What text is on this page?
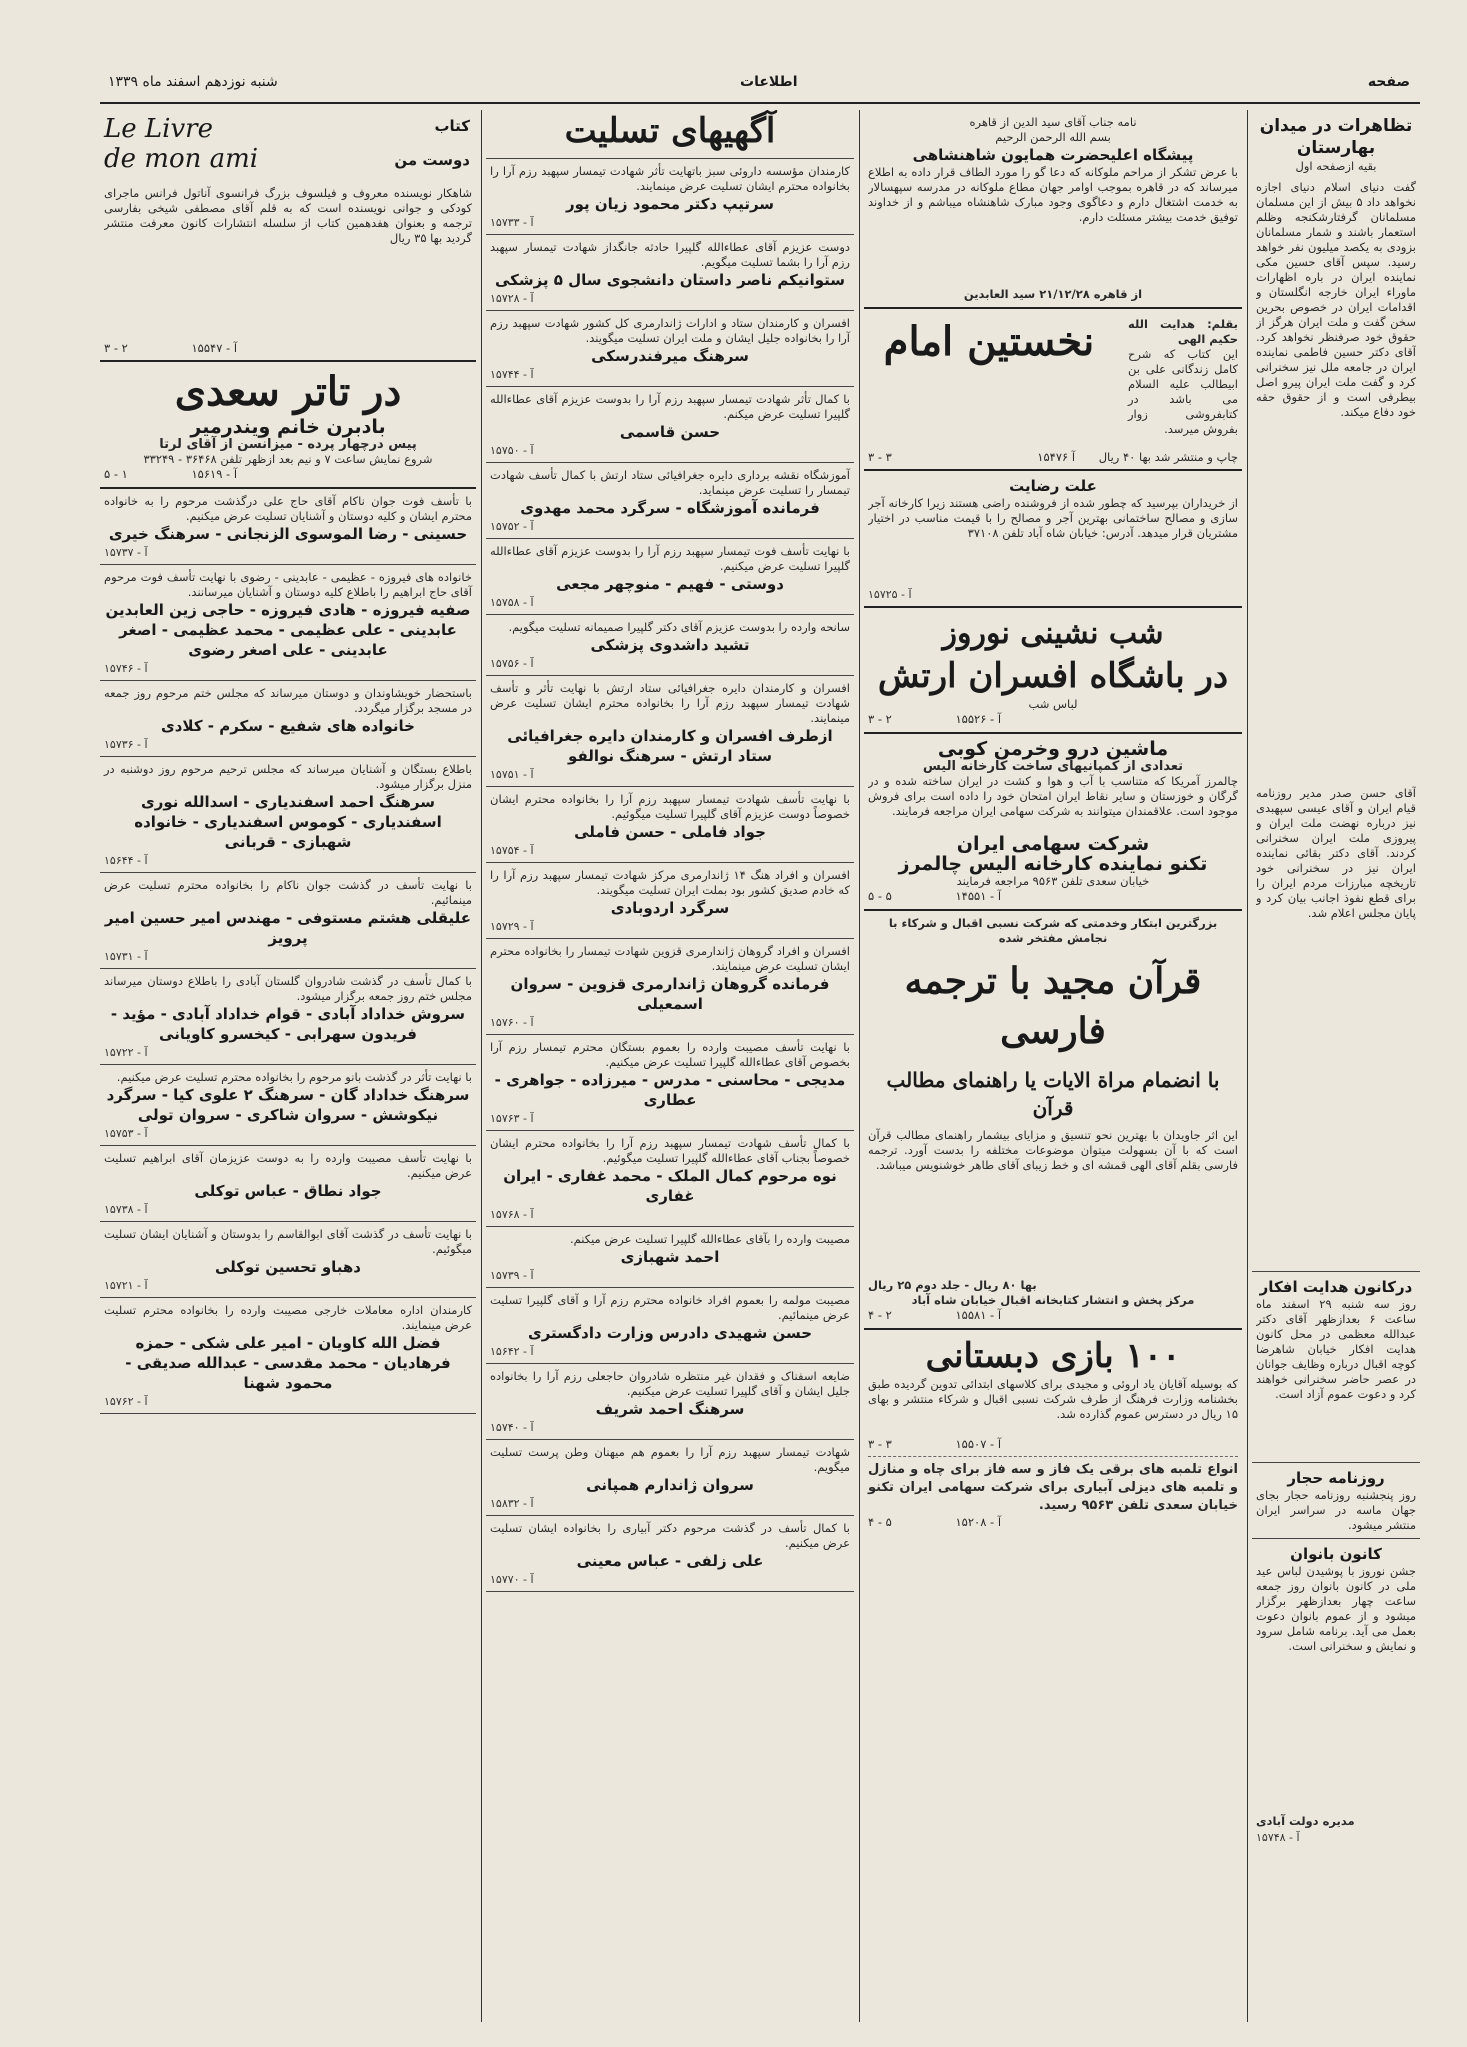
شنبه نوزدهم اسفند ماه ۱۳۳۹	اطلاعات	صفحه
تظاهرات در میدان بهارستان
بقیه ازصفحه اول
گفت دنیای اسلام دنیای اجازه نخواهد داد ۵ بیش از این مسلمان مسلمانان گرفتارشکنجه وظلم استعمار باشند و شمار مسلمانان بزودی به یکصد میلیون نفر خواهد رسید. سپس آقای حسین مکی نماینده ایران در باره اظهارات ماوراء ایران خارجه انگلستان و اقدامات ایران در خصوص بحرین سخن گفت و ملت ایران هرگز از حقوق خود صرفنظر نخواهد کرد. آقای دکتر حسین فاطمی نماینده ایران در جامعه ملل نیز سخنرانی کرد و گفت ملت ایران پیرو اصل بیطرفی است و از حقوق حقه خود دفاع میکند.
آقای حسن صدر مدیر روزنامه قیام ایران و آقای عیسی سپهبدی نیز درباره نهضت ملت ایران و پیروزی ملت ایران سخنرانی کردند. آقای دکتر بقائی نماینده ایران نیز در سخنرانی خود تاریخچه مبارزات مردم ایران را برای قطع نفوذ اجانب بیان کرد و پایان مجلس اعلام شد.
درکانون هدایت افکار
روز سه شنبه ۲۹ اسفند ماه ساعت ۶ بعدازظهر آقای دکتر عبدالله معظمی در محل کانون هدایت افکار خیابان شاهرضا کوچه اقبال درباره وظایف جوانان در عصر حاضر سخنرانی خواهند کرد و دعوت عموم آزاد است.
روزنامه حجار
روز پنجشنبه روزنامه حجار بجای جهان ماسه در سراسر ایران منتشر میشود.
کانون بانوان
جشن نوروز با پوشیدن لباس عید ملی در کانون بانوان روز جمعه ساعت چهار بعدازظهر برگزار میشود و از عموم بانوان دعوت بعمل می آید. برنامه شامل سرود و نمایش و سخنرانی است.
مدیره دولت آبادی
آ - ۱۵۷۴۸
نامه جناب آقای سید الدین از قاهره
بسم الله الرحمن الرحیم
پیشگاه اعلیحضرت همایون شاهنشاهی
با عرض تشکر از مراحم ملوکانه که دعا گو را مورد الطاف قرار داده به اطلاع میرساند که در قاهره بموجب اوامر جهان مطاع ملوکانه در مدرسه سپهسالار به خدمت اشتغال دارم و دعاگوی وجود مبارک شاهنشاه میباشم و از خداوند توفیق خدمت بیشتر مسئلت دارم.
از قاهره ۲۱/۱۲/۲۸ سید العابدین
نخستین امام	بقلم: هدایت الله حکیم الهی
این کتاب که شرح کامل زندگانی علی بن ابیطالب علیه السلام می باشد در کتابفروشی زوار بفروش میرسد.
چاپ و منتشر شد بها ۴۰ ریال آ ۱۵۴۷۶
۳ - ۳
علت رضایت
از خریداران بپرسید که چطور شده از فروشنده راضی هستند زیرا کارخانه آجر سازی و مصالح ساختمانی بهترین آجر و مصالح را با قیمت مناسب در اختیار مشتریان قرار میدهد. آدرس: خیابان شاه آباد تلفن ۳۷۱۰۸
آ - ۱۵۷۲۵
شب نشینی نوروز
در باشگاه افسران ارتش
لباس شب
۳ - ۲	آ - ۱۵۵۲۶
ماشین درو وخرمن کوبی
تعدادی از کمپانیهای ساخت کارخانه الیس
چالمرز آمریکا که متناسب با آب و هوا و کشت در ایران ساخته شده و در گرگان و خوزستان و سایر نقاط ایران امتحان خود را داده است برای فروش موجود است. علاقمندان میتوانند به شرکت سهامی ایران مراجعه فرمایند.
شرکت سهامی ایران
تکنو نماینده کارخانه الیس چالمرز
خیابان سعدی تلفن ۹۵۶۳ مراجعه فرمایند
۵ - ۵	آ - ۱۴۵۵۱
بزرگترین ابتکار وخدمتی که شرکت نسبی اقبال و شرکاء با نجامش مفتخر شده
قرآن مجید با ترجمه فارسی
با انضمام مراة الایات یا راهنمای مطالب قرآن
این اثر جاویدان با بهترین نحو تنسیق و مزایای بیشمار راهنمای مطالب قرآن است که با آن بسهولت میتوان موضوعات مختلفه را بدست آورد. ترجمه فارسی بقلم آقای الهی قمشه ای و خط زیبای آقای طاهر خوشنویس میباشد.
بها ۸۰ ریال - جلد دوم ۲۵ ریال
مرکز پخش و انتشار کتابخانه اقبال خیابان شاه آباد
۴ - ۲	آ - ۱۵۵۸۱
۱۰۰ بازی دبستانی
که بوسیله آقایان یاد اروئی و مجیدی برای کلاسهای ابتدائی تدوین گردیده طبق بخشنامه وزارت فرهنگ از طرف شرکت نسبی اقبال و شرکاء منتشر و بهای ۱۵ ریال در دسترس عموم گذارده شد.
۳ - ۳	آ - ۱۵۵۰۷
انواع تلمبه های برقی یک فاز و سه فاز برای چاه و منازل و تلمبه های دیزلی آبیاری برای شرکت سهامی ایران تکنو خیابان سعدی تلفن ۹۵۶۳ رسید.
۴ - ۵	آ - ۱۵۲۰۸
آگهیهای تسلیت
کارمندان مؤسسه داروئی سبز باتهایت تأثر شهادت تیمسار سپهبد رزم آرا را بخانواده محترم ایشان تسلیت عرض مینمایند.
سرتیپ دکتر محمود زیان پور
آ - ۱۵۷۳۳
دوست عزیزم آقای عطاءالله گلپیرا حادثه جانگداز شهادت تیمسار سپهبد رزم آرا را بشما تسلیت میگویم.
ستوانیکم ناصر داستان دانشجوی سال ۵ پزشکی
آ - ۱۵۷۲۸
افسران و کارمندان ستاد و ادارات ژاندارمری کل کشور شهادت سپهبد رزم آرا را بخانواده جلیل ایشان و ملت ایران تسلیت میگویند.
سرهنگ میرفندرسکی
آ - ۱۵۷۴۴
با کمال تأثر شهادت تیمسار سپهبد رزم آرا را بدوست عزیزم آقای عطاءالله گلپیرا تسلیت عرض میکنم.
حسن قاسمی
آ - ۱۵۷۵۰
آموزشگاه نقشه برداری دایره جغرافیائی ستاد ارتش با کمال تأسف شهادت تیمسار را تسلیت عرض مینماید.
فرمانده آموزشگاه - سرگرد محمد مهدوی
آ - ۱۵۷۵۲
با نهایت تأسف فوت تیمسار سپهبد رزم آرا را بدوست عزیزم آقای عطاءالله گلپیرا تسلیت عرض میکنیم.
دوستی - فهیم - منوچهر مجعی
آ - ۱۵۷۵۸
سانحه وارده را بدوست عزیزم آقای دکتر گلپیرا صمیمانه تسلیت میگویم.
تشید داشدوی پزشکی
آ - ۱۵۷۵۶
افسران و کارمندان دایره جغرافیائی ستاد ارتش با نهایت تأثر و تأسف شهادت تیمسار سپهبد رزم آرا را بخانواده محترم ایشان تسلیت عرض مینمایند.
ازطرف افسران و کارمندان دایره جغرافیائی ستاد ارتش - سرهنگ نوالفو
آ - ۱۵۷۵۱
با نهایت تأسف شهادت تیمسار سپهبد رزم آرا را بخانواده محترم ایشان خصوصاً دوست عزیزم آقای گلپیرا تسلیت میگوئیم.
جواد فاملی - حسن فاملی
آ - ۱۵۷۵۴
افسران و افراد هنگ ۱۴ ژاندارمری مرکز شهادت تیمسار سپهبد رزم آرا را که خادم صدیق کشور بود بملت ایران تسلیت میگویند.
سرگرد اردوبادی
آ - ۱۵۷۲۹
افسران و افراد گروهان ژاندارمری قزوین شهادت تیمسار را بخانواده محترم ایشان تسلیت عرض مینمایند.
فرمانده گروهان ژاندارمری قزوین - سروان اسمعیلی
آ - ۱۵۷۶۰
با نهایت تأسف مصیبت وارده را بعموم بستگان محترم تیمسار رزم آرا بخصوص آقای عطاءالله گلپیرا تسلیت عرض میکنیم.
مدیجی - محاسنی - مدرس - میرزاده - جواهری - عطاری
آ - ۱۵۷۶۳
با کمال تأسف شهادت تیمسار سپهبد رزم آرا را بخانواده محترم ایشان خصوصاً بجناب آقای عطاءالله گلپیرا تسلیت میگوئیم.
نوه مرحوم کمال الملک - محمد غفاری - ایران غفاری
آ - ۱۵۷۶۸
مصیبت وارده را بآقای عطاءالله گلپیرا تسلیت عرض میکنم.
احمد شهبازی
آ - ۱۵۷۳۹
مصیبت مولمه را بعموم افراد خانواده محترم رزم آرا و آقای گلپیرا تسلیت عرض مینمائیم.
حسن شهیدی دادرس وزارت دادگستری
آ - ۱۵۶۴۲
ضایعه اسفناک و فقدان غیر منتظره شادروان حاجعلی رزم آرا را بخانواده جلیل ایشان و آقای گلپیرا تسلیت عرض میکنیم.
سرهنگ احمد شریف
آ - ۱۵۷۴۰
شهادت تیمسار سپهبد رزم آرا را بعموم هم میهنان وطن پرست تسلیت میگویم.
سروان ژاندارم همپانی
آ - ۱۵۸۳۲
با کمال تأسف در گذشت مرحوم دکتر آبیاری را بخانواده ایشان تسلیت عرض میکنیم.
علی زلفی - عباس معینی
آ - ۱۵۷۷۰
Le Livre
de mon ami
کتاب
دوست من
شاهکار نویسنده معروف و فیلسوف بزرگ فرانسوی آناتول فرانس ماجرای کودکی و جوانی نویسنده است که به قلم آقای مصطفی شیخی بفارسی ترجمه و بعنوان هفدهمین کتاب از سلسله انتشارات کانون معرفت منتشر گردید بها ۳۵ ریال
۳ - ۲	آ - ۱۵۵۴۷
در تاتر سعدی
بادبرن خانم ویندرمیر
پیس درچهار پرده - میزانسن از آقای لرتا
شروع نمایش ساعت ۷ و نیم بعد ازظهر تلفن ۳۶۴۶۸ - ۳۳۲۴۹
۵ - ۱	آ - ۱۵۶۱۹
با تأسف فوت جوان ناکام آقای حاج علی درگذشت مرحوم را به خانواده محترم ایشان و کلیه دوستان و آشنایان تسلیت عرض میکنیم.
حسینی - رضا الموسوی الزنجانی - سرهنگ خیری
آ - ۱۵۷۳۷
خانواده های فیروزه - عظیمی - عابدینی - رضوی با نهایت تأسف فوت مرحوم آقای حاج ابراهیم را باطلاع کلیه دوستان و آشنایان میرسانند.
صفیه فیروزه - هادی فیروزه - حاجی زین العابدین عابدینی - علی عظیمی - محمد عظیمی - اصغر عابدینی - علی اصغر رضوی
آ - ۱۵۷۴۶
باستحضار خویشاوندان و دوستان میرساند که مجلس ختم مرحوم روز جمعه در مسجد برگزار میگردد.
خانواده های شفیع - سکرم - کلادی
آ - ۱۵۷۳۶
باطلاع بستگان و آشنایان میرساند که مجلس ترحیم مرحوم روز دوشنبه در منزل برگزار میشود.
سرهنگ احمد اسفندیاری - اسدالله نوری اسفندیاری - کوموس اسفندیاری - خانواده شهبازی - قربانی
آ - ۱۵۶۴۴
با نهایت تأسف در گذشت جوان ناکام را بخانواده محترم تسلیت عرض مینمائیم.
علیقلی هشتم مستوفی - مهندس امیر حسین امیر پرویز
آ - ۱۵۷۳۱
با کمال تأسف در گذشت شادروان گلستان آبادی را باطلاع دوستان میرساند مجلس ختم روز جمعه برگزار میشود.
سروش خداداد آبادی - قوام خداداد آبادی - مؤید - فریدون سهرابی - کیخسرو کاویانی
آ - ۱۵۷۲۲
با نهایت تأثر در گذشت بانو مرحوم را بخانواده محترم تسلیت عرض میکنیم.
سرهنگ خداداد گان - سرهنگ ۲ علوی کیا - سرگرد نیکوشش - سروان شاکری - سروان تولی
آ - ۱۵۷۵۳
با نهایت تأسف مصیبت وارده را به دوست عزیزمان آقای ابراهیم تسلیت عرض میکنیم.
جواد نطاق - عباس توکلی
آ - ۱۵۷۳۸
با نهایت تأسف در گذشت آقای ابوالقاسم را بدوستان و آشنایان ایشان تسلیت میگوئیم.
دهباو تحسین توکلی
آ - ۱۵۷۲۱
کارمندان اداره معاملات خارجی مصیبت وارده را بخانواده محترم تسلیت عرض مینمایند.
فضل الله کاویان - امیر علی شکی - حمزه فرهادیان - محمد مقدسی - عبدالله صدیقی - محمود شهنا
آ - ۱۵۷۶۲
